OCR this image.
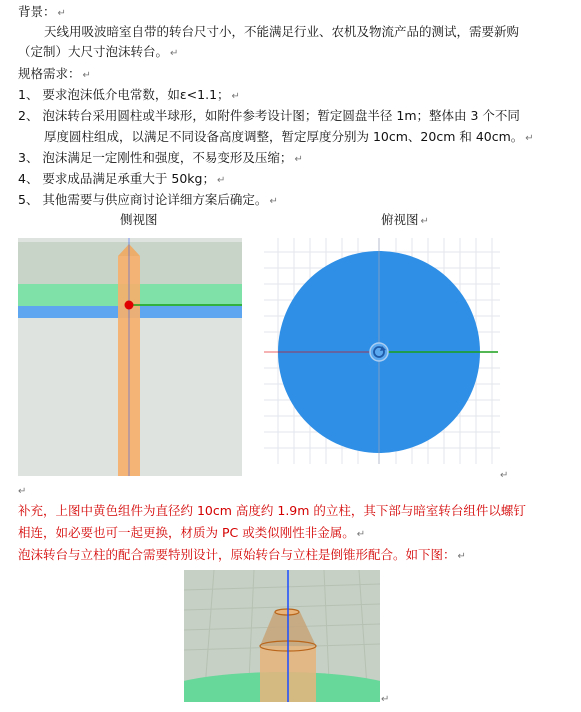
背景： ↵
天线用吸波暗室自带的转台尺寸小，不能满足行业、农机及物流产品的测试，需要新购
（定制）大尺寸泡沫转台。 ↵
规格需求： ↵
1、 要求泡沫低介电常数，如ε<1.1； ↵
2、 泡沫转台采用圆柱或半球形，如附件参考设计图；暂定圆盘半径 1m；整体由 3 个不同
厚度圆柱组成，以满足不同设备高度调整，暂定厚度分别为 10cm、20cm 和 40cm。 ↵
3、 泡沫满足一定刚性和强度，不易变形及压缩； ↵
4、 要求成品满足承重大于 50kg； ↵
5、 其他需要与供应商讨论详细方案后确定。 ↵
侧视图	俯视图 ↵
↵
↵
补充，上图中黄色组件为直径约 10cm 高度约 1.9m 的立柱，其下部与暗室转台组件以螺钉
相连，如必要也可一起更换，材质为 PC 或类似刚性非金属。 ↵
泡沫转台与立柱的配合需要特别设计，原始转台与立柱是倒锥形配合。如下图： ↵
↵
